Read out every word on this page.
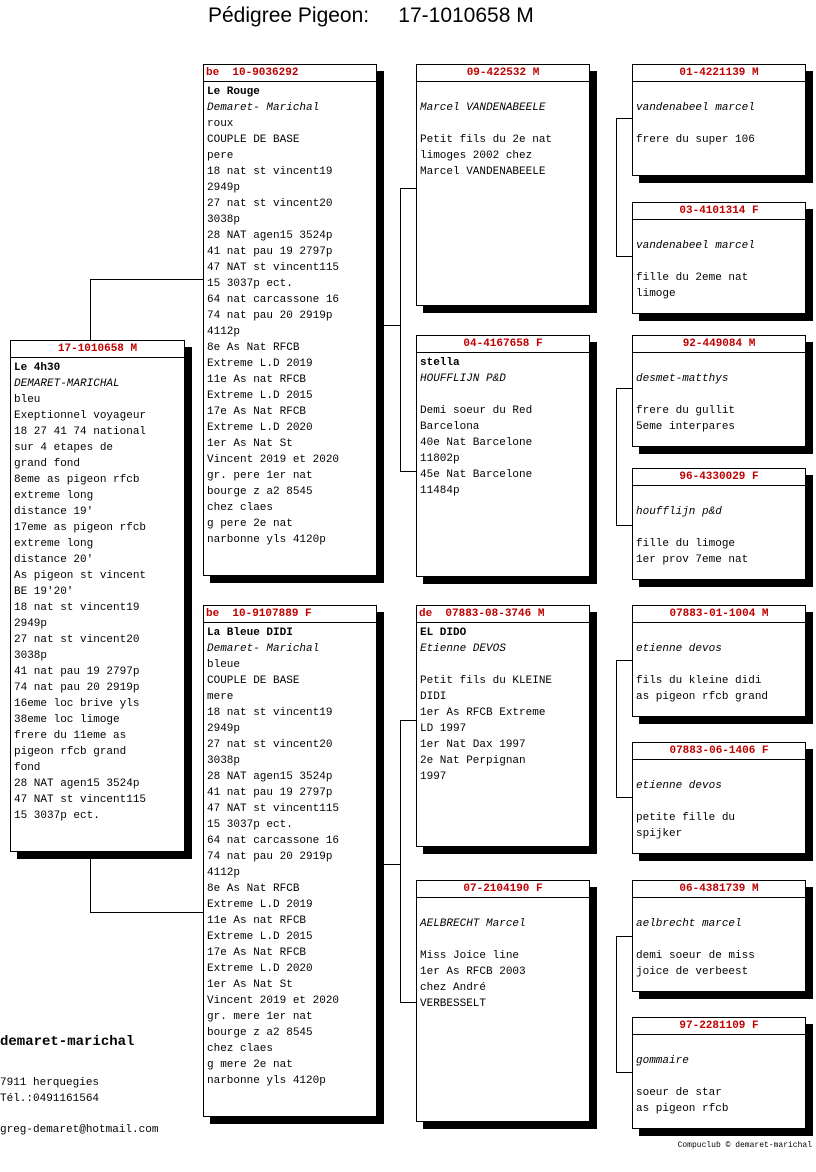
Pédigree Pigeon:     17-1010658 M
17-1010658 M
Le 4h30
DEMARET-MARICHAL
bleu
Exeptionnel voyageur
18 27 41 74 national
sur 4 etapes de
grand fond
8eme as pigeon rfcb
extreme long
distance 19'
17eme as pigeon rfcb
extreme long
distance 20'
As pigeon st vincent
BE 19'20'
18 nat st vincent19
2949p
27 nat st vincent20
3038p
41 nat pau 19 2797p
74 nat pau 20 2919p
16eme loc brive yls
38eme loc limoge
frere du 11eme as
pigeon rfcb grand
fond
28 NAT agen15 3524p
47 NAT st vincent115
15 3037p ect.
be  10-9036292
Le Rouge
Demaret- Marichal
roux
COUPLE DE BASE
pere
18 nat st vincent19
2949p
27 nat st vincent20
3038p
28 NAT agen15 3524p
41 nat pau 19 2797p
47 NAT st vincent115
15 3037p ect.
64 nat carcassone 16
74 nat pau 20 2919p
4112p
8e As Nat RFCB
Extreme L.D 2019
11e As nat RFCB
Extreme L.D 2015
17e As Nat RFCB
Extreme L.D 2020
1er As Nat St
Vincent 2019 et 2020
gr. pere 1er nat
bourge z a2 8545
chez claes
g pere 2e nat
narbonne yls 4120p
be  10-9107889 F
La Bleue DIDI
Demaret- Marichal
bleue
COUPLE DE BASE
mere
18 nat st vincent19
2949p
27 nat st vincent20
3038p
28 NAT agen15 3524p
41 nat pau 19 2797p
47 NAT st vincent115
15 3037p ect.
64 nat carcassone 16
74 nat pau 20 2919p
4112p
8e As Nat RFCB
Extreme L.D 2019
11e As nat RFCB
Extreme L.D 2015
17e As Nat RFCB
Extreme L.D 2020
1er As Nat St
Vincent 2019 et 2020
gr. mere 1er nat
bourge z a2 8545
chez claes
g mere 2e nat
narbonne yls 4120p
09-422532 M
Marcel VANDENABEELE
Petit fils du 2e nat
limoges 2002 chez
Marcel VANDENABEELE
04-4167658 F
stella
HOUFFLIJN P&D
Demi soeur du Red
Barcelona
40e Nat Barcelone
11802p
45e Nat Barcelone
11484p
de  07883-08-3746 M
EL DIDO
Etienne DEVOS
Petit fils du KLEINE
DIDI
1er As RFCB Extreme
LD 1997
1er Nat Dax 1997
2e Nat Perpignan
1997
07-2104190 F
AELBRECHT Marcel
Miss Joice line
1er As RFCB 2003
chez André
VERBESSELT
01-4221139 M
vandenabeel marcel
frere du super 106
03-4101314 F
vandenabeel marcel
fille du 2eme nat
limoge
92-449084 M
desmet-matthys
frere du gullit
5eme interpares
96-4330029 F
houfflijn p&d
fille du limoge
1er prov 7eme nat
07883-01-1004 M
etienne devos
fils du kleine didi
as pigeon rfcb grand
07883-06-1406 F
etienne devos
petite fille du
spijker
06-4381739 M
aelbrecht marcel
demi soeur de miss
joice de verbeest
97-2281109 F
gommaire
soeur de star
as pigeon rfcb
demaret-marichal
7911 herquegies
Tél.:0491161564
greg-demaret@hotmail.com
Compuclub © demaret-marichal
